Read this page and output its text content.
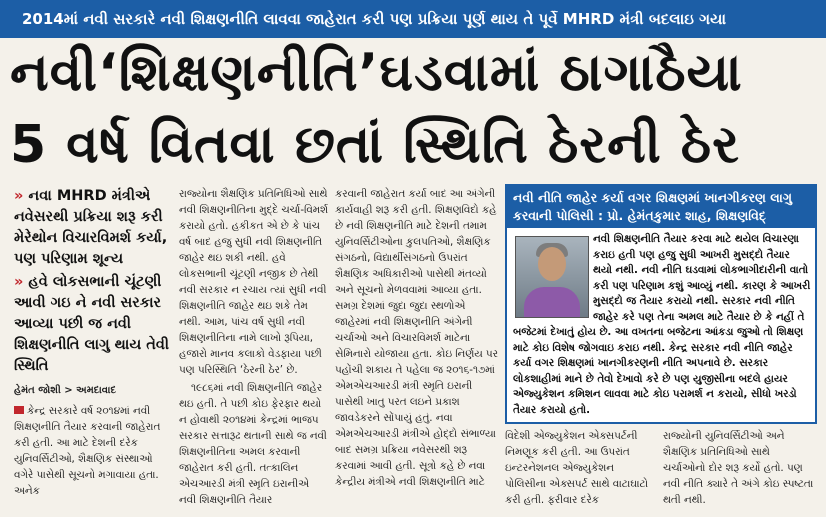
2014માં નવી સરકારે નવી શિક્ષણનીતિ લાવવા જાહેરાત કરી પણ પ્રક્રિયા પૂર્ણ થાય તે પૂર્વે MHRD મંત્રી બદલાઇ ગયા
નવી‘શિક્ષણનીતિ’ઘડવામાં ઠાગાઠૈયા
5 વર્ષ વિતવા છતાં સ્થિતિ ઠેરની ઠેર

» નવા MHRD મંત્રીએ નવેસરથી પ્રક્રિયા શરૂ કરી મેરેથોન વિચારવિમર્શ કર્યા, પણ પરિણામ શૂન્ય

» હવે લોકસભાની ચૂંટણી આવી ગઇ ને નવી સરકાર આવ્યા પછી જ નવી શિક્ષણનીતિ લાગુ થાય તેવી સ્થિતિ

હેમંત જોશી > અમદાવાદ

કેન્દ્ર સરકારે વર્ષ ૨૦૧૪માં નવી શિક્ષણનીતિ તૈયાર કરવાની જાહેરાત કરી હતી. આ માટે દેશની દરેક યુનિવર્સિટીઓ, શૈક્ષણિક સંસ્થાઓ વગેરે પાસેથી સૂચનો મગાવાયા હતા. અનેક

રાજ્યોના શૈક્ષણિક પ્રતિનિધિઓ સાથે નવી શિક્ષણનીતિના મુદ્દે ચર્ચા-વિમર્શ કરાયો હતો. હકીકત એ છે કે પાંચ વર્ષ બાદ હજુ સુધી નવી શિક્ષણનીતિ જાહેર થઇ શકી નથી. હવે લોકસભાની ચૂંટણી નજીક છે તેથી નવી સરકાર ન રચાય ત્યાં સુધી નવી શિક્ષણનીતિ જાહેર થઇ શકે તેમ નથી. આમ, પાંચ વર્ષ સુધી નવી શિક્ષણનીતિના નામે લાખો રૂપિયા, હજારો માનવ કલાકો વેડફાયા પછી પણ પરિસ્થિતિ ‘ઠેરની ઠેર’ છે.

૧૯૮૬માં નવી શિક્ષણનીતિ જાહેર થઇ હતી. તે પછી કોઇ ફેરફાર થયો ન હોવાથી ૨૦૧૪માં કેન્દ્રમાં ભાજપ સરકાર સત્તારૂઢ થતાની સાથે જ નવી શિક્ષણનીતિના અમલ કરવાની જાહેરાત કરી હતી. તત્કાલિન એચઆરડી મંત્રી સ્મૃતિ ઇરાનીએ નવી શિક્ષણનીતિ તૈયાર

કરવાની જાહેરાત કર્યા બાદ આ અંગેની કાર્યવાહી શરૂ કરી હતી. શિક્ષણવિદો કહે છે નવી શિક્ષણનીતિ માટે દેશની તમામ યુનિવર્સિટીઓના કુલપતિઓ, શૈક્ષણિક સંગઠનો, વિદ્યાર્થીસંગઠનો ઉપરાંત શૈક્ષણિક અધિકારીઓ પાસેથી મંતવ્યો અને સૂચનો મેળવવામાં આવ્યા હતા. સમગ્ર દેશમાં જુદા જુદા સ્થળોએ જાહેરમાં નવી શિક્ષણનીતિ અંગેની ચર્ચાઓ અને વિચારવિમર્શ માટેના સેમિનારો યોજાયા હતા. કોઇ નિર્ણય પર પહોંચી શકાય તે પહેલા જ ૨૦૧૬-૧૭માં એમએચઆરડી મંત્રી સ્મૃતિ ઇરાની પાસેથી ખાતુ પરત લઇને પ્રકાશ જાવડેકરને સોંપાયું હતું. નવા એમએચઆરડી મંત્રીએ હોદ્દો સંભાળ્યા બાદ સમગ્ર પ્રક્રિયા નવેસરથી શરૂ કરવામાં આવી હતી. સૂત્રો કહે છે નવા કેન્દ્રીય મંત્રીએ નવી શિક્ષણનીતિ માટે
નવી નીતિ જાહેર કર્યા વગર શિક્ષણમાં ખાનગીકરણ લાગુ કરવાની પોલિસી : પ્રો. હેમંતકુમાર શાહ, શિક્ષણવિદ્

નવી શિક્ષણનીતિ તૈયાર કરવા માટે થયેલ વિચારણા કરાઇ હતી પણ હજુ સુધી આખરી મુસદ્દો તૈયાર થયો નથી. નવી નીતિ ઘડવામાં લોકભાગીદારીની વાતો કરી પણ પરિણામ કશું આવ્યું નથી. કારણ કે આખરી મુસદ્દો જ તૈયાર કરાયો નથી. સરકાર નવી નીતિ જાહેર કરે પણ તેના અમલ માટે તૈયાર છે કે નહીં તે

બજેટમાં દેખાતું હોય છે. આ વખતના બજેટના આંકડા જુઓ તો શિક્ષણ માટે કોઇ વિશેષ જોગવાઇ કરાઇ નથી. કેન્દ્ર સરકાર નવી નીતિ જાહેર કર્યા વગર શિક્ષણમાં ખાનગીકરણની નીતિ અપનાવે છે. સરકાર લોકશાહીમાં માને છે તેવો દેખાવો કરે છે પણ યુજીસીના બદલે હાયર એજ્યુકેશન કમિશન લાવવા માટે કોઇ પરામર્શ ન કરાયો, સીધો ખરડો તૈયાર કરાયો હતો.

વિદેશી એજ્યુકેશન એક્સપર્ટની નિમણૂક કરી હતી. આ ઉપરાંત ઇન્ટરનેશનલ એજ્યુકેશન પોલિસીના એક્સપર્ટ સાથે વાટાઘાટો કરી હતી. ફરીવાર દરેક
રાજ્યોની યુનિવર્સિટીઓ અને શૈક્ષણિક પ્રતિનિધિઓ સાથે ચર્ચાઓનો દોર શરૂ કર્યો હતો. પણ નવી નીતિ ક્યારે તે અંગે કોઇ સ્પષ્ટતા થતી નથી.
